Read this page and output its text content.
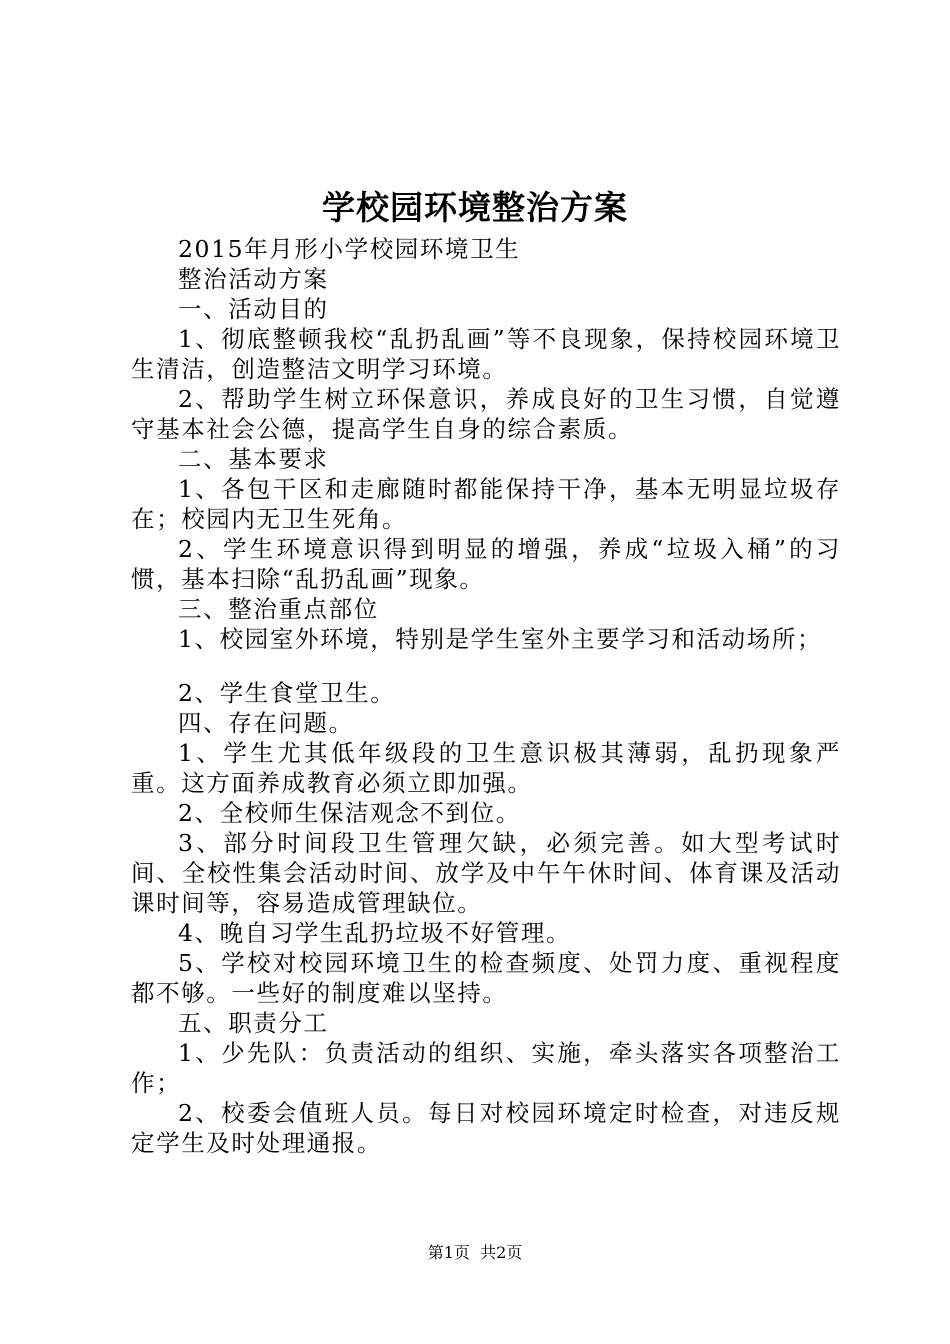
学校园环境整治方案

2015年月形小学校园环境卫生

整治活动方案

一、活动目的

1、彻底整顿我校“乱扔乱画”等不良现象，保持校园环境卫生清洁，创造整洁文明学习环境。

2、帮助学生树立环保意识，养成良好的卫生习惯，自觉遵守基本社会公德，提高学生自身的综合素质。

二、基本要求

1、各包干区和走廊随时都能保持干净，基本无明显垃圾存在；校园内无卫生死角。

2、学生环境意识得到明显的增强，养成“垃圾入桶”的习惯，基本扫除“乱扔乱画”现象。

三、整治重点部位

1、校园室外环境，特别是学生室外主要学习和活动场所；

2、学生食堂卫生。

四、存在问题。

1、学生尤其低年级段的卫生意识极其薄弱，乱扔现象严重。这方面养成教育必须立即加强。

2、全校师生保洁观念不到位。

3、部分时间段卫生管理欠缺，必须完善。如大型考试时间、全校性集会活动时间、放学及中午午休时间、体育课及活动课时间等，容易造成管理缺位。

4、晚自习学生乱扔垃圾不好管理。

5、学校对校园环境卫生的检查频度、处罚力度、重视程度都不够。一些好的制度难以坚持。

五、职责分工

1、少先队：负责活动的组织、实施，牵头落实各项整治工作；

2、校委会值班人员。每日对校园环境定时检查，对违反规定学生及时处理通报。

第1页  共2页
